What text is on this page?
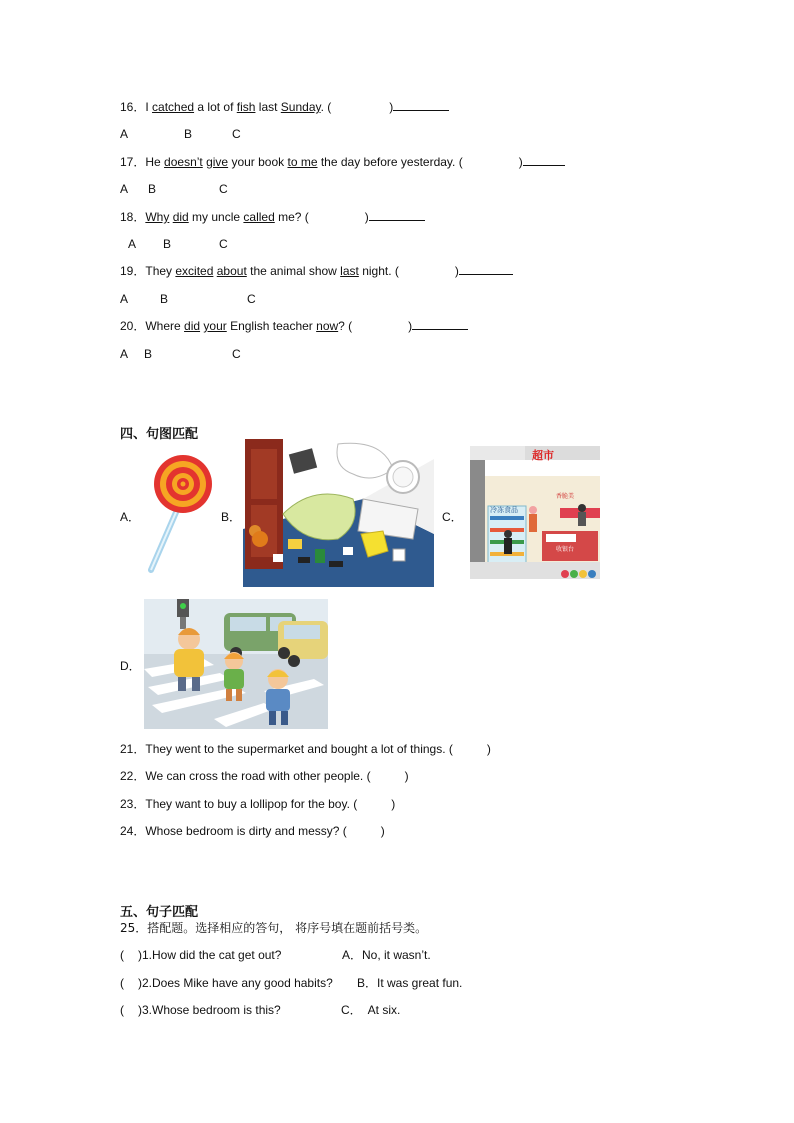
16．I catched a lot of fish last Sunday. (	)
A	B	C
17．He doesn’t give your book to me the day before yesterday. (	)
A B	C
18．Why did my uncle called me? (	)
A B	C
19．They excited about the animal show last night. (	)
A	B	C
20．Where did your English teacher now? (	)
A B	C
四、句图匹配
A．	B．	C．
D．
超市
香脆美
冷冻食品
收银台
21．They went to the supermarket and bought a lot of things. (	)
22．We can cross the road with other people. (	)
23．They want to buy a lollipop for the boy. (	)
24．Whose bedroom is dirty and messy? (	)
五、句子匹配
25．搭配题。选择相应的答句， 将序号填在题前括号类。
( )1.How did the cat get out?	A．No, it wasn’t.
( )2.Does Mike have any good habits? B．It was great fun.
( )3.Whose bedroom is this?	C．  At six.
